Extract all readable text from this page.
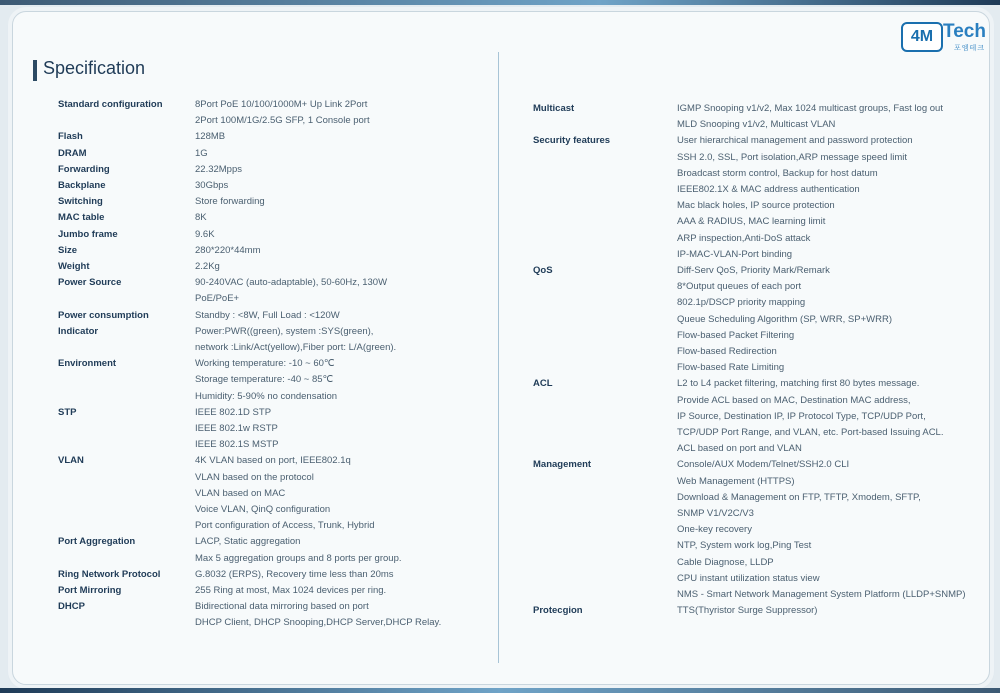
4M Tech
포엠테크
Specification
Standard configuration	8Port PoE 10/100/1000M+ Up Link 2Port
2Port 100M/1G/2.5G SFP, 1 Console port
Flash	128MB
DRAM	1G
Forwarding	22.32Mpps
Backplane	30Gbps
Switching	Store forwarding
MAC table	8K
Jumbo frame	9.6K
Size	280*220*44mm
Weight	2.2Kg
Power Source	90-240VAC (auto-adaptable), 50-60Hz, 130W
PoE/PoE+
Power consumption	Standby : <8W, Full Load : <120W
Indicator	Power:PWR((green), system :SYS(green),
network :Link/Act(yellow),Fiber port: L/A(green).
Environment	Working temperature: -10 ~ 60℃
Storage temperature: -40 ~ 85℃
Humidity: 5-90% no condensation
STP	IEEE 802.1D STP
IEEE 802.1w RSTP
IEEE 802.1S MSTP
VLAN	4K VLAN based on port, IEEE802.1q
VLAN based on the protocol
VLAN based on MAC
Voice VLAN, QinQ configuration
Port configuration of Access, Trunk, Hybrid
Port Aggregation	LACP, Static aggregation
Max 5 aggregation groups and 8 ports per group.
Ring Network Protocol	G.8032 (ERPS), Recovery time less than 20ms
Port Mirroring	255 Ring at most, Max 1024 devices per ring.
DHCP	Bidirectional data mirroring based on port
DHCP Client, DHCP Snooping,DHCP Server,DHCP Relay.
Multicast	IGMP Snooping v1/v2, Max 1024 multicast groups, Fast log out
MLD Snooping v1/v2, Multicast VLAN
Security features	User hierarchical management and password protection
SSH 2.0, SSL, Port isolation,ARP message speed limit
Broadcast storm control, Backup for host datum
IEEE802.1X & MAC address authentication
Mac black holes, IP source protection
AAA & RADIUS, MAC learning limit
ARP inspection,Anti-DoS attack
IP-MAC-VLAN-Port binding
QoS	Diff-Serv QoS, Priority Mark/Remark
8*Output queues of each port
802.1p/DSCP priority mapping
Queue Scheduling Algorithm (SP, WRR, SP+WRR)
Flow-based Packet Filtering
Flow-based Redirection
Flow-based Rate Limiting
ACL	L2 to L4 packet filtering, matching first 80 bytes message.
Provide ACL based on MAC, Destination MAC address,
IP Source, Destination IP, IP Protocol Type, TCP/UDP Port,
TCP/UDP Port Range, and VLAN, etc. Port-based Issuing ACL.
ACL based on port and VLAN
Management	Console/AUX Modem/Telnet/SSH2.0 CLI
Web Management (HTTPS)
Download & Management on FTP, TFTP, Xmodem, SFTP,
SNMP V1/V2C/V3
One-key recovery
NTP, System work log,Ping Test
Cable Diagnose, LLDP
CPU instant utilization status view
NMS - Smart Network Management System Platform (LLDP+SNMP)
Protecgion	TTS(Thyristor Surge Suppressor)
